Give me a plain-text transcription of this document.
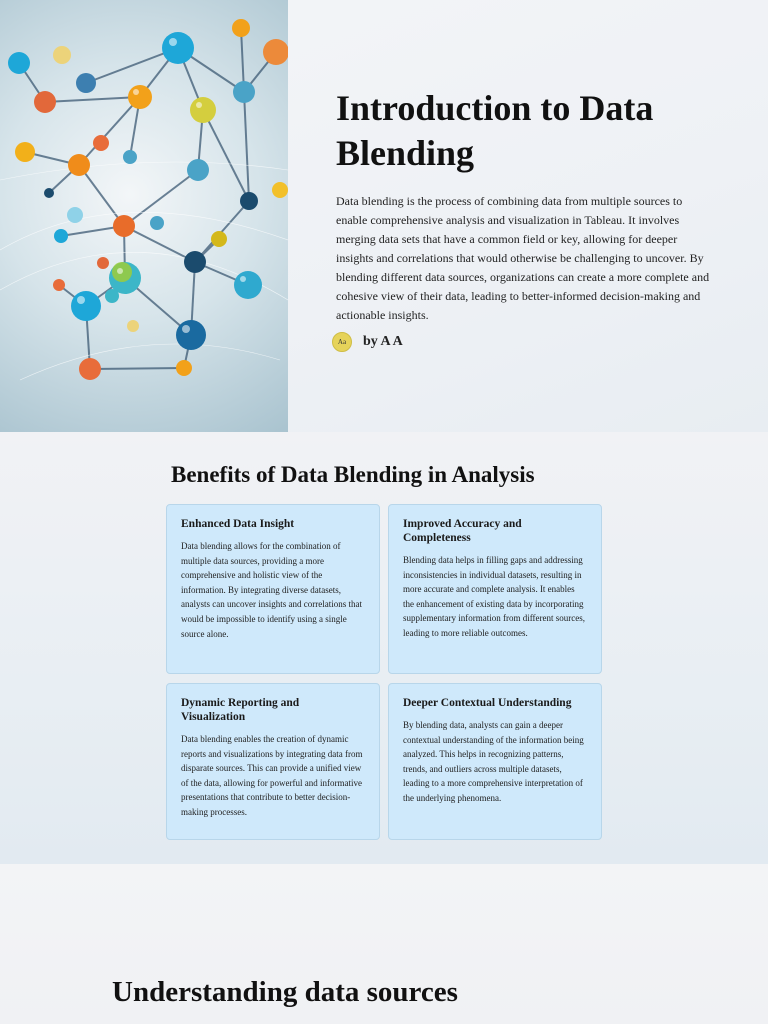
Introduction to Data Blending

Data blending is the process of combining data from multiple sources to enable comprehensive analysis and visualization in Tableau. It involves merging data sets that have a common field or key, allowing for deeper insights and correlations that would otherwise be challenging to uncover. By blending different data sources, organizations can create a more complete and cohesive view of their data, leading to better-informed decision-making and actionable insights.

Aa	by A A
Benefits of Data Blending in Analysis
Enhanced Data Insight

Data blending allows for the combination of multiple data sources, providing a more comprehensive and holistic view of the information. By integrating diverse datasets, analysts can uncover insights and correlations that would be impossible to identify using a single source alone.

Improved Accuracy and Completeness

Blending data helps in filling gaps and addressing inconsistencies in individual datasets, resulting in more accurate and complete analysis. It enables the enhancement of existing data by incorporating supplementary information from different sources, leading to more reliable outcomes.

Dynamic Reporting and Visualization

Data blending enables the creation of dynamic reports and visualizations by integrating data from disparate sources. This can provide a unified view of the data, allowing for powerful and informative presentations that contribute to better decision-making processes.

Deeper Contextual Understanding

By blending data, analysts can gain a deeper contextual understanding of the information being analyzed. This helps in recognizing patterns, trends, and outliers across multiple datasets, leading to a more comprehensive interpretation of the underlying phenomena.

Understanding data sources
